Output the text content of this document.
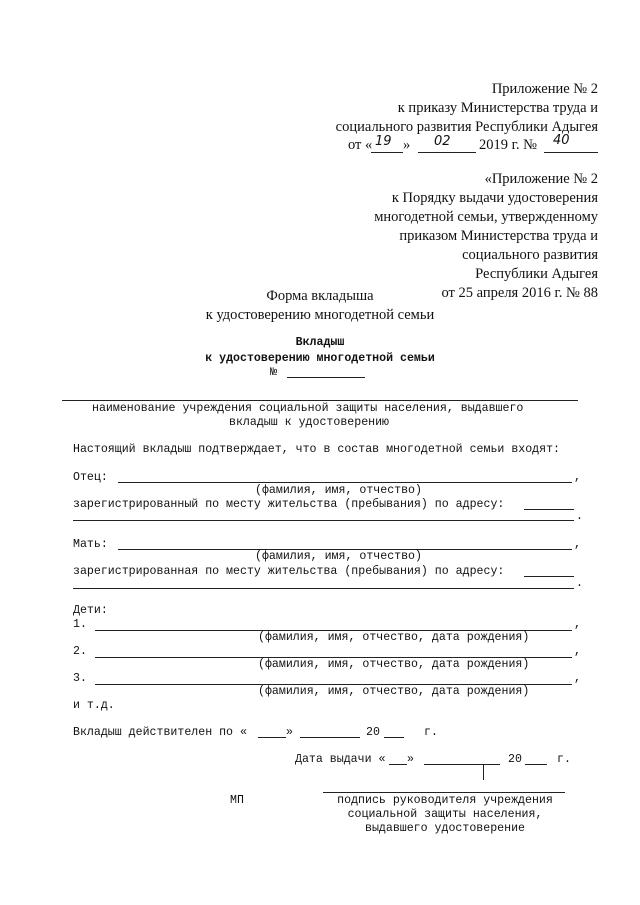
Приложение № 2
к приказу Министерства труда и
социального развития Республики Адыгея
от « 19 » 02 2019 г. № 40
«Приложение № 2
к Порядку выдачи удостоверения
многодетной семьи, утвержденному
приказом Министерства труда и
социального развития
Республики Адыгея
от 25 апреля 2016 г. № 88
Форма вкладыша
к удостоверению многодетной семьи
Вкладыш
к удостоверению многодетной семьи
№
наименование учреждения социальной защиты населения, выдавшего
вкладыш к удостоверению
Настоящий вкладыш подтверждает, что в состав многодетной семьи входят:
Отец:	,
(фамилия, имя, отчество)
зарегистрированный по месту жительства (пребывания) по адресу:
.
Мать:	,
(фамилия, имя, отчество)
зарегистрированная по месту жительства (пребывания) по адресу:
.
Дети:
1.	,
(фамилия, имя, отчество, дата рождения)
2.	,
(фамилия, имя, отчество, дата рождения)
3.	,
(фамилия, имя, отчество, дата рождения)
и т.д.
Вкладыш действителен по «	»	20	г.
Дата выдачи « »	20	г.
МП	подпись руководителя учреждения
социальной защиты населения,
выдавшего удостоверение
